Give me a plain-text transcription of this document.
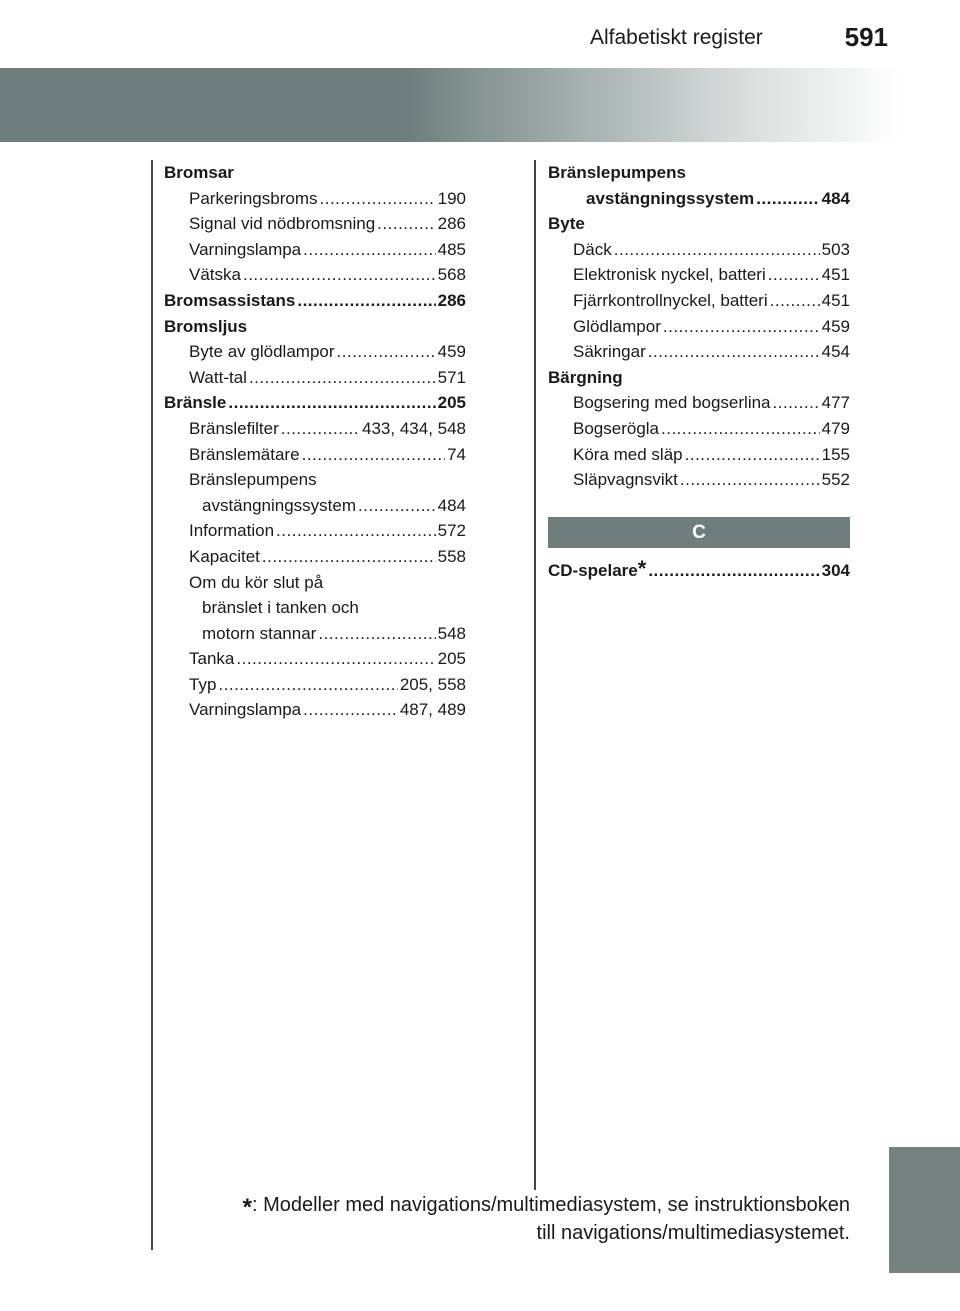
Alfabetiskt register	591
Bromsar
Parkeringsbroms .....	190
Signal vid nödbromsning .....	286
Varningslampa .....	485
Vätska .....	568
Bromsassistans .....	286
Bromsljus
Byte av glödlampor .....	459
Watt-tal .....	571
Bränsle .....	205
Bränslefilter .....	433, 434, 548
Bränslemätare .....	74
Bränslepumpens
avstängningssystem .....	484
Information .....	572
Kapacitet .....	558
Om du kör slut på
bränslet i tanken och
motorn stannar .....	548
Tanka .....	205
Typ .....	205, 558
Varningslampa .....	487, 489
Bränslepumpens
avstängningssystem .....	484
Byte
Däck .....	503
Elektronisk nyckel, batteri .....	451
Fjärrkontrollnyckel, batteri .....	451
Glödlampor .....	459
Säkringar .....	454
Bärgning
Bogsering med bogserlina .....	477
Bogserögla .....	479
Köra med släp .....	155
Släpvagnsvikt .....	552
C
CD-spelare * .....	304
*: Modeller med navigations/multimediasystem, se instruktionsboken
till navigations/multimediasystemet.
